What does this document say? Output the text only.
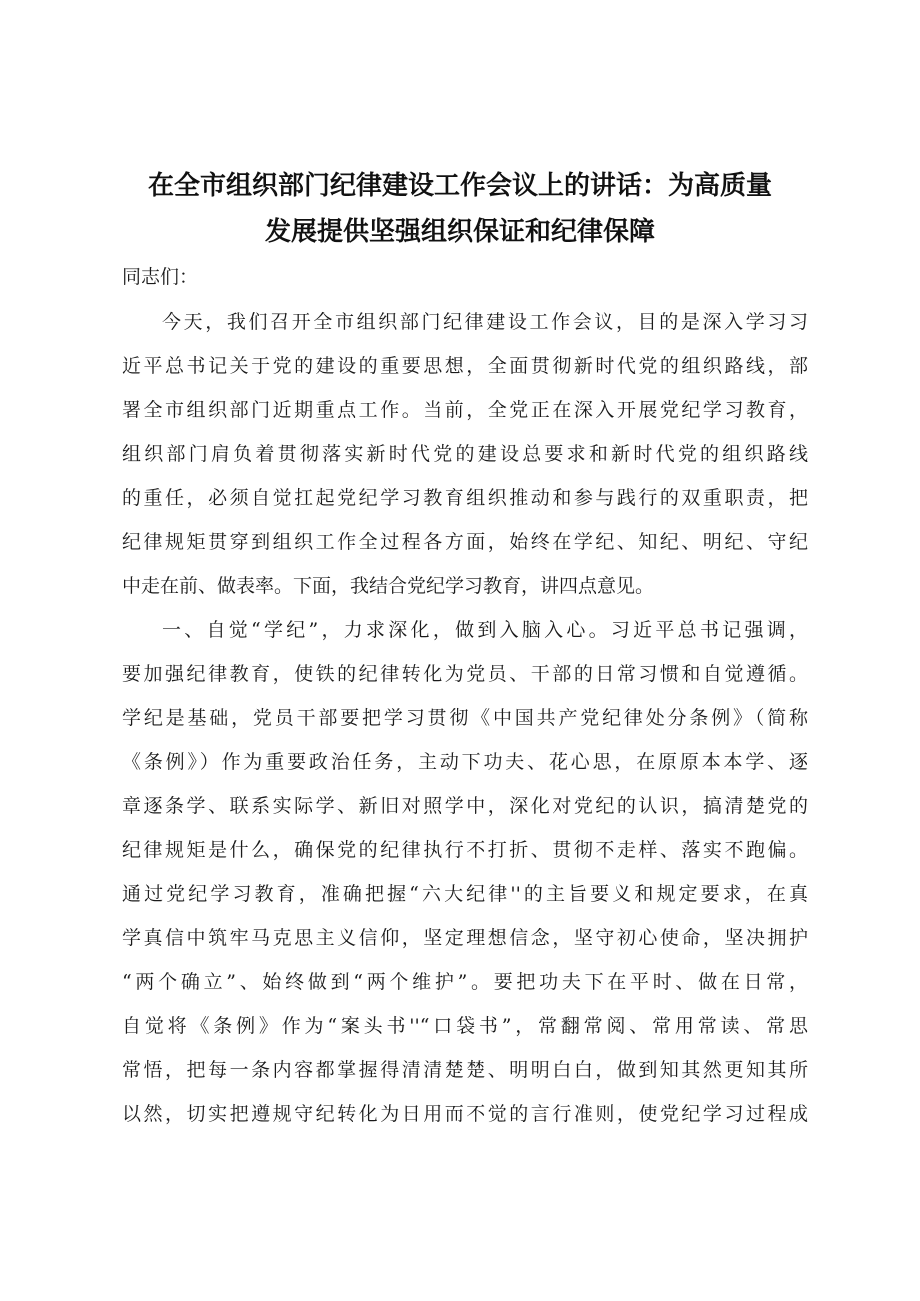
在全市组织部门纪律建设工作会议上的讲话：为高质量
发展提供坚强组织保证和纪律保障
同志们：
今天，我们召开全市组织部门纪律建设工作会议，目的是深入学习习
近平总书记关于党的建设的重要思想，全面贯彻新时代党的组织路线，部
署全市组织部门近期重点工作。当前，全党正在深入开展党纪学习教育，
组织部门肩负着贯彻落实新时代党的建设总要求和新时代党的组织路线
的重任，必须自觉扛起党纪学习教育组织推动和参与践行的双重职责，把
纪律规矩贯穿到组织工作全过程各方面，始终在学纪、知纪、明纪、守纪
中走在前、做表率。下面，我结合党纪学习教育，讲四点意见。
一、自觉“学纪”，力求深化，做到入脑入心。习近平总书记强调，
要加强纪律教育，使铁的纪律转化为党员、干部的日常习惯和自觉遵循。
学纪是基础，党员干部要把学习贯彻《中国共产党纪律处分条例》（简称
《条例》）作为重要政治任务，主动下功夫、花心思，在原原本本学、逐
章逐条学、联系实际学、新旧对照学中，深化对党纪的认识，搞清楚党的
纪律规矩是什么，确保党的纪律执行不打折、贯彻不走样、落实不跑偏。
通过党纪学习教育，准确把握“六大纪律''的主旨要义和规定要求，在真
学真信中筑牢马克思主义信仰，坚定理想信念，坚守初心使命，坚决拥护
“两个确立”、始终做到“两个维护”。要把功夫下在平时、做在日常，
自觉将《条例》作为“案头书''“口袋书”，常翻常阅、常用常读、常思
常悟，把每一条内容都掌握得清清楚楚、明明白白，做到知其然更知其所
以然，切实把遵规守纪转化为日用而不觉的言行准则，使党纪学习过程成
